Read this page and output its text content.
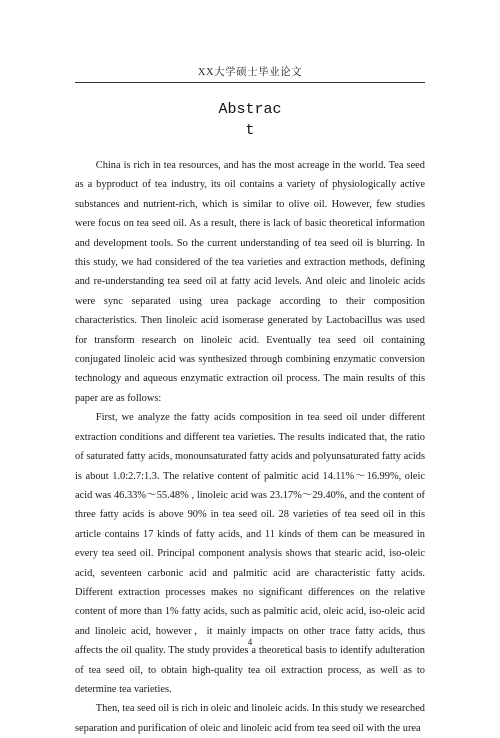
XX大学硕士毕业论文
Abstrac
t

China is rich in tea resources, and has the most acreage in the world. Tea seed as a byproduct of tea industry, its oil contains a variety of physiologically active substances and nutrient-rich, which is similar to olive oil. However, few studies were focus on tea seed oil. As a result, there is lack of basic theoretical information and development tools. So the current understanding of tea seed oil is blurring. In this study, we had considered of the tea varieties and extraction methods, defining and re-understanding tea seed oil at fatty acid levels. And oleic and linoleic acids were sync separated using urea package according to their composition characteristics. Then linoleic acid isomerase generated by Lactobacillus was used for transform research on linoleic acid. Eventually tea seed oil containing conjugated linoleic acid was synthesized through combining enzymatic conversion technology and aqueous enzymatic extraction oil process. The main results of this paper are as follows:

First, we analyze the fatty acids composition in tea seed oil under different extraction conditions and different tea varieties. The results indicated that, the ratio of saturated fatty acids, monounsaturated fatty acids and polyunsaturated fatty acids is about 1.0:2.7:1.3. The relative content of palmitic acid 14.11%～16.99%, oleic acid was 46.33%～55.48% , linoleic acid was 23.17%～29.40%, and the content of three fatty acids is above 90% in tea seed oil. 28 varieties of tea seed oil in this article contains 17 kinds of fatty acids, and 11 kinds of them can be measured in every tea seed oil. Principal component analysis shows that stearic acid, iso-oleic acid, seventeen carbonic acid and palmitic acid are characteristic fatty acids. Different extraction processes makes no significant differences on the relative content of more than 1% fatty acids, such as palmitic acid, oleic acid, iso-oleic acid and linoleic acid, however，it mainly impacts on other trace fatty acids, thus affects the oil quality. The study provides a theoretical basis to identify adulteration of tea seed oil, to obtain high-quality tea oil extraction process, as well as to determine tea varieties.

Then, tea seed oil is rich in oleic and linoleic acids. In this study we researched separation and purification of oleic and linoleic acid from tea seed oil with the urea

4
